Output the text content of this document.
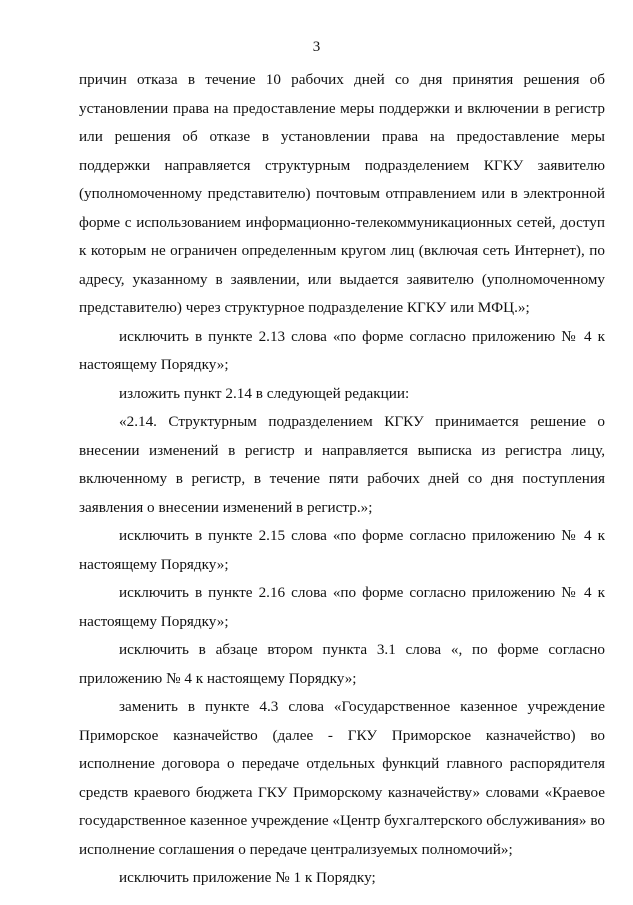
3

причин отказа в течение 10 рабочих дней со дня принятия решения об установлении права на предоставление меры поддержки и включении в регистр или решения об отказе в установлении права на предоставление меры поддержки направляется структурным подразделением КГКУ заявителю (уполномоченному представителю) почтовым отправлением или в электронной форме с использованием информационно-телекоммуникационных сетей, доступ к которым не ограничен определенным кругом лиц (включая сеть Интернет), по адресу, указанному в заявлении, или выдается заявителю (уполномоченному представителю) через структурное подразделение КГКУ или МФЦ.»;

исключить в пункте 2.13 слова «по форме согласно приложению № 4 к настоящему Порядку»;

изложить пункт 2.14 в следующей редакции:

«2.14. Структурным подразделением КГКУ принимается решение о внесении изменений в регистр и направляется выписка из регистра лицу, включенному в регистр, в течение пяти рабочих дней со дня поступления заявления о внесении изменений в регистр.»;

исключить в пункте 2.15 слова «по форме согласно приложению № 4 к настоящему Порядку»;

исключить в пункте 2.16 слова «по форме согласно приложению № 4 к настоящему Порядку»;

исключить в абзаце втором пункта 3.1 слова «, по форме согласно приложению № 4 к настоящему Порядку»;

заменить в пункте 4.3 слова «Государственное казенное учреждение Приморское казначейство (далее - ГКУ Приморское казначейство) во исполнение договора о передаче отдельных функций главного распорядителя средств краевого бюджета ГКУ Приморскому казначейству» словами «Краевое государственное казенное учреждение «Центр бухгалтерского обслуживания» во исполнение соглашения о передаче централизуемых полномочий»;

исключить приложение № 1 к Порядку;
